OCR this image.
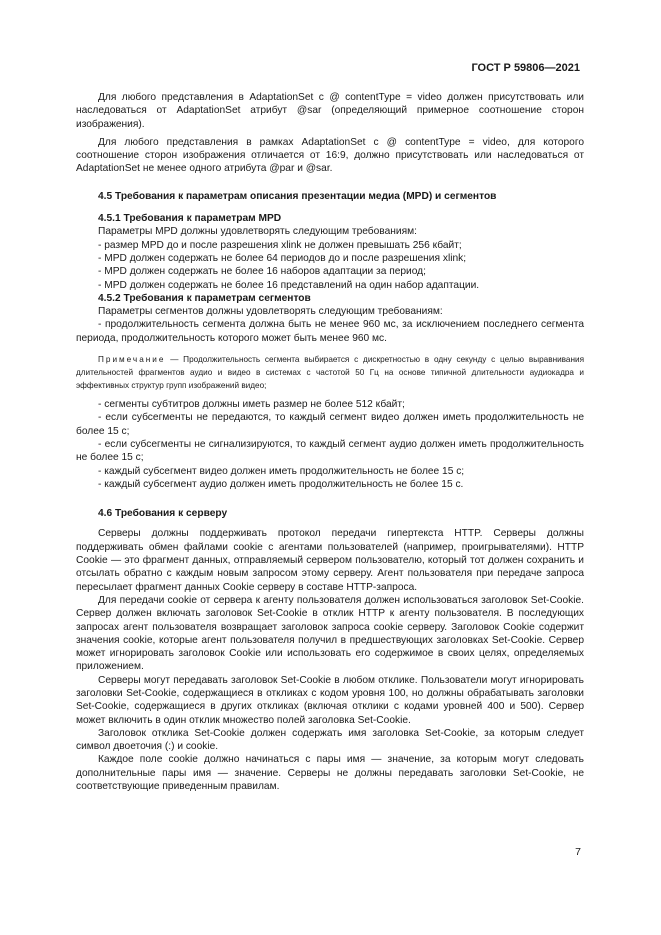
ГОСТ Р 59806—2021

Для любого представления в AdaptationSet с @ contentType = video должен присутствовать или наследоваться от AdaptationSet атрибут @sar (определяющий примерное соотношение сторон изображения).

Для любого представления в рамках AdaptationSet с @ contentType = video, для которого соотношение сторон изображения отличается от 16:9, должно присутствовать или наследоваться от AdaptationSet не менее одного атрибута @par и @sar.

4.5 Требования к параметрам описания презентации медиа (MPD) и сегментов
4.5.1 Требования к параметрам MPD

Параметры MPD должны удовлетворять следующим требованиям:

- размер MPD до и после разрешения xlink не должен превышать 256 кбайт;

- MPD должен содержать не более 64 периодов до и после разрешения xlink;

- MPD должен содержать не более 16 наборов адаптации за период;

- MPD должен содержать не более 16 представлений на один набор адаптации.

4.5.2 Требования к параметрам сегментов

Параметры сегментов должны удовлетворять следующим требованиям:

- продолжительность сегмента должна быть не менее 960 мс, за исключением последнего сегмента периода, продолжительность которого может быть менее 960 мс.

Примечание — Продолжительность сегмента выбирается с дискретностью в одну секунду с целью выравнивания длительностей фрагментов аудио и видео в системах с частотой 50 Гц на основе типичной длительности аудиокадра и эффективных структур групп изображений видео;

- сегменты субтитров должны иметь размер не более 512 кбайт;

- если субсегменты не передаются, то каждый сегмент видео должен иметь продолжительность не более 15 с;

- если субсегменты не сигнализируются, то каждый сегмент аудио должен иметь продолжительность не более 15 с;

- каждый субсегмент видео должен иметь продолжительность не более 15 с;

- каждый субсегмент аудио должен иметь продолжительность не более 15 с.

4.6 Требования к серверу

Серверы должны поддерживать протокол передачи гипертекста HTTP. Серверы должны поддерживать обмен файлами cookie с агентами пользователей (например, проигрывателями). HTTP Cookie — это фрагмент данных, отправляемый сервером пользователю, который тот должен сохранить и отсылать обратно с каждым новым запросом этому серверу. Агент пользователя при передаче запроса пересылает фрагмент данных Cookie серверу в составе HTTP-запроса.

Для передачи cookie от сервера к агенту пользователя должен использоваться заголовок Set-Cookie. Сервер должен включать заголовок Set-Cookie в отклик HTTP к агенту пользователя. В последующих запросах агент пользователя возвращает заголовок запроса cookie серверу. Заголовок Cookie содержит значения cookie, которые агент пользователя получил в предшествующих заголовках Set-Cookie. Сервер может игнорировать заголовок Cookie или использовать его содержимое в своих целях, определяемых приложением.

Серверы могут передавать заголовок Set-Cookie в любом отклике. Пользователи могут игнорировать заголовки Set-Cookie, содержащиеся в откликах с кодом уровня 100, но должны обрабатывать заголовки Set-Cookie, содержащиеся в других откликах (включая отклики с кодами уровней 400 и 500). Сервер может включить в один отклик множество полей заголовка Set-Cookie.

Заголовок отклика Set-Cookie должен содержать имя заголовка Set-Cookie, за которым следует символ двоеточия (:) и cookie.

Каждое поле cookie должно начинаться с пары имя — значение, за которым могут следовать дополнительные пары имя — значение. Серверы не должны передавать заголовки Set-Cookie, не соответствующие приведенным правилам.

7
